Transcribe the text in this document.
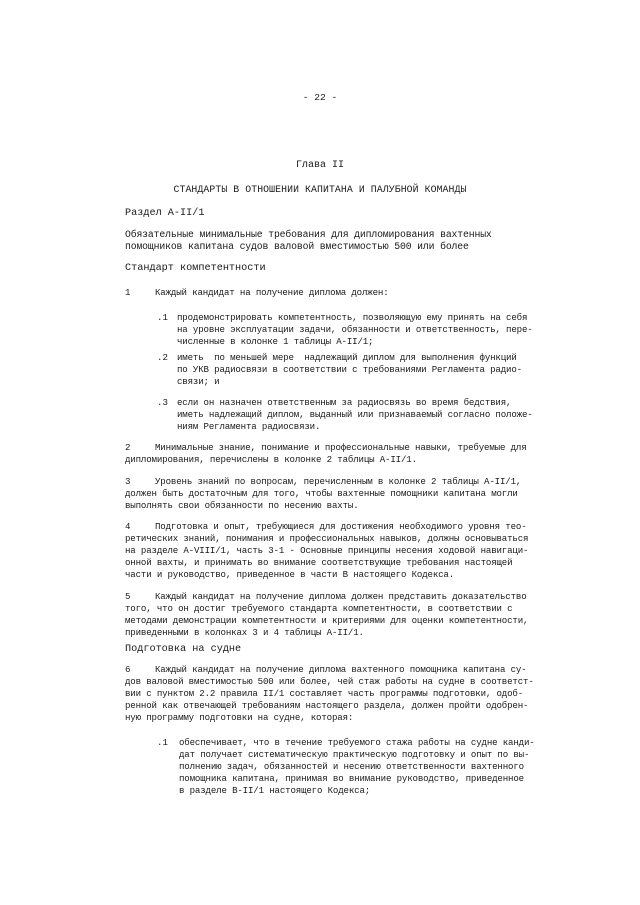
- 22 -
Глава II
СТАНДАРТЫ В ОТНОШЕНИИ КАПИТАНА И ПАЛУБНОЙ КОМАНДЫ
Раздел A-II/1
Обязательные минимальные требования для дипломирования вахтенных
помощников капитана судов валовой вместимостью 500 или более
Стандарт компетентности
1	Каждый кандидат на получение диплома должен:
.1 продемонстрировать компетентность, позволяющую ему принять на себя
на уровне эксплуатации задачи, обязанности и ответственность, пере-
численные в колонке 1 таблицы A-II/1;
.2 иметь  по меньшей мере  надлежащий диплом для выполнения функций
по УКВ радиосвязи в соответствии с требованиями Регламента радио-
связи; и
.3 если он назначен ответственным за радиосвязь во время бедствия,
иметь надлежащий диплом, выданный или признаваемый согласно положе-
ниям Регламента радиосвязи.
2	Минимальные знание, понимание и профессиональные навыки, требуемые для
дипломирования, перечислены в колонке 2 таблицы A-II/1.
3	Уровень знаний по вопросам, перечисленным в колонке 2 таблицы A-II/1,
должен быть достаточным для того, чтобы вахтенные помощники капитана могли
выполнять свои обязанности по несению вахты.
4	Подготовка и опыт, требующиеся для достижения необходимого уровня тео-
ретических знаний, понимания и профессиональных навыков, должны основываться
на разделе A-VIII/1, часть 3-1 - Основные принципы несения ходовой навигаци-
онной вахты, и принимать во внимание соответствующие требования настоящей
части и руководство, приведенное в части B настоящего Кодекса.
5	Каждый кандидат на получение диплома должен представить доказательство
того, что он достиг требуемого стандарта компетентности, в соответствии с
методами демонстрации компетентности и критериями для оценки компетентности,
приведенными в колонках 3 и 4 таблицы A-II/1.
Подготовка на судне
6	Каждый кандидат на получение диплома вахтенного помощника капитана су-
дов валовой вместимостью 500 или более, чей стаж работы на судне в соответст-
вии с пунктом 2.2 правила II/1 составляет часть программы подготовки, одоб-
ренной как отвечающей требованиям настоящего раздела, должен пройти одобрен-
ную программу подготовки на судне, которая:
.1 обеспечивает, что в течение требуемого стажа работы на судне канди-
дат получает систематическую практическую подготовку и опыт по вы-
полнению задач, обязанностей и несению ответственности вахтенного
помощника капитана, принимая во внимание руководство, приведенное
в разделе B-II/1 настоящего Кодекса;
